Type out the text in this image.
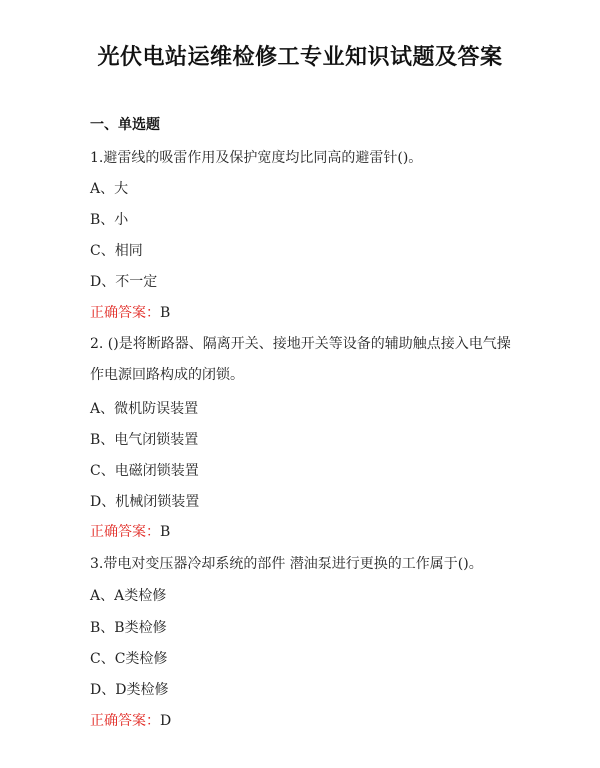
光伏电站运维检修工专业知识试题及答案
一、单选题
1.避雷线的吸雷作用及保护宽度均比同高的避雷针()。
A、大
B、小
C、相同
D、不一定
正确答案：B
2. ()是将断路器、隔离开关、接地开关等设备的辅助触点接入电气操
作电源回路构成的闭锁。
A、微机防误装置
B、电气闭锁装置
C、电磁闭锁装置
D、机械闭锁装置
正确答案：B
3.带电对变压器冷却系统的部件 潜油泵进行更换的工作属于()。
A、A类检修
B、B类检修
C、C类检修
D、D类检修
正确答案：D
